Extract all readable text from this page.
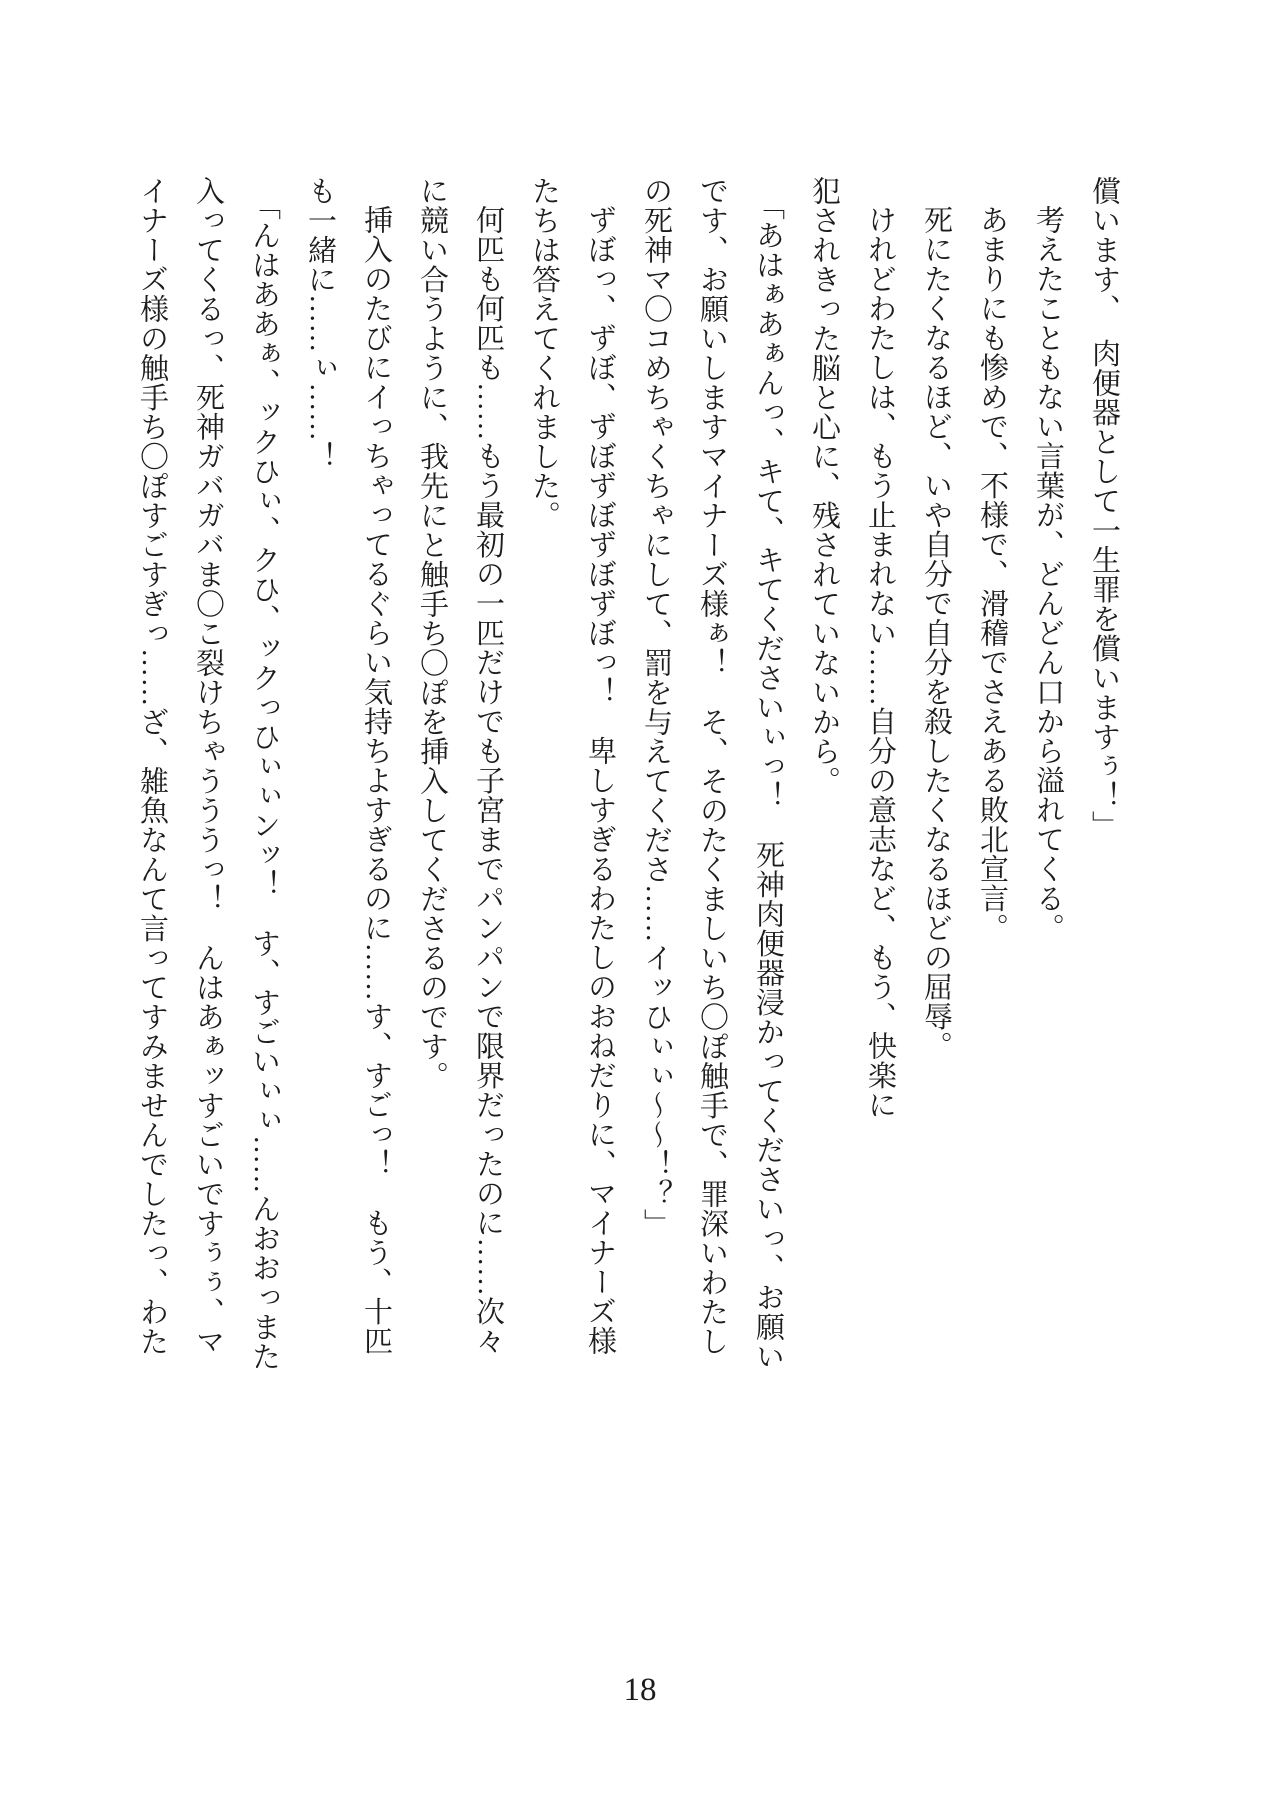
償います、　肉便器として一生罪を償いますぅ！」
考えたこともない言葉が、どんどん口から溢れてくる。
あまりにも惨めで、不様で、滑稽でさえある敗北宣言。
死にたくなるほど、いや自分で自分を殺したくなるほどの屈辱。
けれどわたしは、もう止まれない……自分の意志など、もう、快楽に
犯されきった脳と心に、残されていないから。
「あはぁあぁんっ、キて、キてくださいぃっ！　死神肉便器浸かってくださいっ、お願い
です、お願いしますマイナーズ様ぁ！　そ、そのたくましいち〇ぽ触手で、罪深いわたし
の死神マ〇コめちゃくちゃにして、罰を与えてくださ……イッひぃぃ～～！？」
ずぼっ、ずぼ、ずぼずぼずぼずぼっ！　卑しすぎるわたしのおねだりに、マイナーズ様
たちは答えてくれました。
何匹も何匹も……もう最初の一匹だけでも子宮までパンパンで限界だったのに……次々
に競い合うように、我先にと触手ち〇ぽを挿入してくださるのです。
挿入のたびにイっちゃってるぐらい気持ちよすぎるのに……す、すごっ！　もう、十匹
も一緒に……ぃ……！
「んはああぁ、ックひぃ、クひ、ックっひぃぃンッ！　す、すごいぃぃ……んおおっまた
入ってくるっ、死神ガバガバま〇こ裂けちゃうううっ！　んはあぁッすごいですぅぅ、マ
イナーズ様の触手ち〇ぽすごすぎっ……ざ、雑魚なんて言ってすみませんでしたっ、わた
18
